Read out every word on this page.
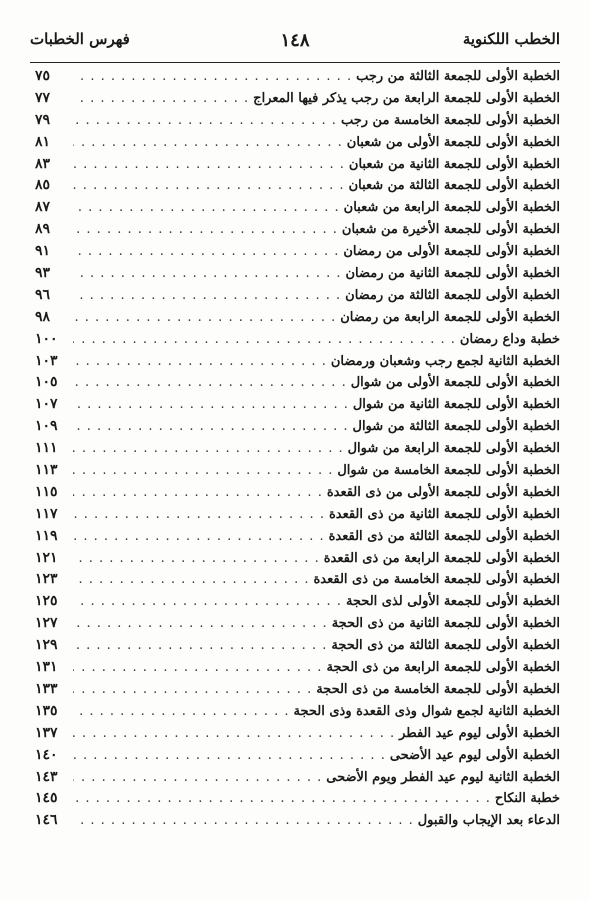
الخطب اللكنوية
١٤٨
فهرس الخطبات
الخطبة الأولى للجمعة الثالثة من رجب
. . .
٧٥
الخطبة الأولى للجمعة الرابعة من رجب يذكر فيها المعراج
. . .
٧٧
الخطبة الأولى للجمعة الخامسة من رجب
. . .
٧٩
الخطبة الأولى للجمعة الأولى من شعبان
. . .
٨١
الخطبة الأولى للجمعة الثانية من شعبان
. . .
٨٣
الخطبة الأولى للجمعة الثالثة من شعبان
. . .
٨٥
الخطبة الأولى للجمعة الرابعة من شعبان
. . .
٨٧
الخطبة الأولى للجمعة الأخيرة من شعبان
. . .
٨٩
الخطبة الأولى للجمعة الأولى من رمضان
. . .
٩١
الخطبة الأولى للجمعة الثانية من رمضان
. . .
٩٣
الخطبة الأولى للجمعة الثالثة من رمضان
. . .
٩٦
الخطبة الأولى للجمعة الرابعة من رمضان
. . .
٩٨
خطبة وداع رمضان
. . .
١٠٠
الخطبة الثانية لجمع رجب وشعبان ورمضان
. . .
١٠٣
الخطبة الأولى للجمعة الأولى من شوال
. . .
١٠٥
الخطبة الأولى للجمعة الثانية من شوال
. . .
١٠٧
الخطبة الأولى للجمعة الثالثة من شوال
. . .
١٠٩
الخطبة الأولى للجمعة الرابعة من شوال
. . .
١١١
الخطبة الأولى للجمعة الخامسة من شوال
. . .
١١٣
الخطبة الأولى للجمعة الأولى من ذى القعدة
. . .
١١٥
الخطبة الأولى للجمعة الثانية من ذى القعدة
. . .
١١٧
الخطبة الأولى للجمعة الثالثة من ذى القعدة
. . .
١١٩
الخطبة الأولى للجمعة الرابعة من ذى القعدة
. . .
١٢١
الخطبة الأولى للجمعة الخامسة من ذى القعدة
. . .
١٢٣
الخطبة الأولى للجمعة الأولى لذى الحجة
. . .
١٢٥
الخطبة الأولى للجمعة الثانية من ذى الحجة
. . .
١٢٧
الخطبة الأولى للجمعة الثالثة من ذى الحجة
. . .
١٢٩
الخطبة الأولى للجمعة الرابعة من ذى الحجة
. . .
١٣١
الخطبة الأولى للجمعة الخامسة من ذى الحجة
. . .
١٣٣
الخطبة الثانية لجمع شوال وذى القعدة وذى الحجة
. . .
١٣٥
الخطبة الأولى ليوم عيد الفطر
. . .
١٣٧
الخطبة الأولى ليوم عيد الأضحى
. . .
١٤٠
الخطبة الثانية ليوم عيد الفطر ويوم الأضحى
. . .
١٤٣
خطبة النكاح
. . .
١٤٥
الدعاء بعد الإيجاب والقبول
. . .
١٤٦
